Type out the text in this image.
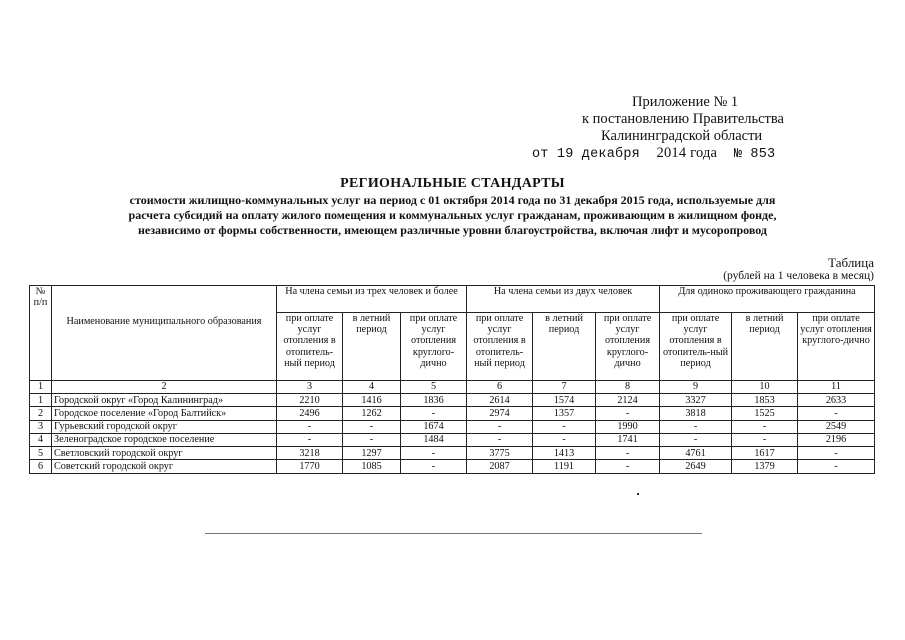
Приложение № 1
к постановлению Правительства
Калининградской области
от 19 декабря 2014 года № 853
РЕГИОНАЛЬНЫЕ СТАНДАРТЫ
стоимости жилищно-коммунальных услуг на период с 01 октября 2014 года по 31 декабря 2015 года, используемые для
расчета субсидий на оплату жилого помещения и коммунальных услуг гражданам, проживающим в жилищном фонде,
независимо от формы собственности, имеющем различные уровни благоустройства, включая лифт и мусоропровод
Таблица
(рублей на 1 человека в месяц)
№ п/п	Наименование муниципального образования	На члена семьи из трех человек и более			На члена семьи из двух человек			Для одиноко проживающего гражданина		
		при оплате услуг отопления в отопитель-ный период	в летний период	при оплате услуг отопления круглого-дично	при оплате услуг отопления в отопитель-ный период	в летний период	при оплате услуг отопления круглого-дично	при оплате услуг отопления в отопитель-ный период	в летний период	при оплате услуг отопления круглого-дично
1	2	3	4	5	6	7	8	9	10	11
1	Городской округ «Город Калининград»	2210	1416	1836	2614	1574	2124	3327	1853	2633
2	Городское поселение «Город Балтийск»	2496	1262	-	2974	1357	-	3818	1525	-
3	Гурьевский городской округ	-	-	1674	-	-	1990	-	-	2549
4	Зеленоградское городское поселение	-	-	1484	-	-	1741	-	-	2196
5	Светловский городской округ	3218	1297	-	3775	1413	-	4761	1617	-
6	Советский городской округ	1770	1085	-	2087	1191	-	2649	1379	-
